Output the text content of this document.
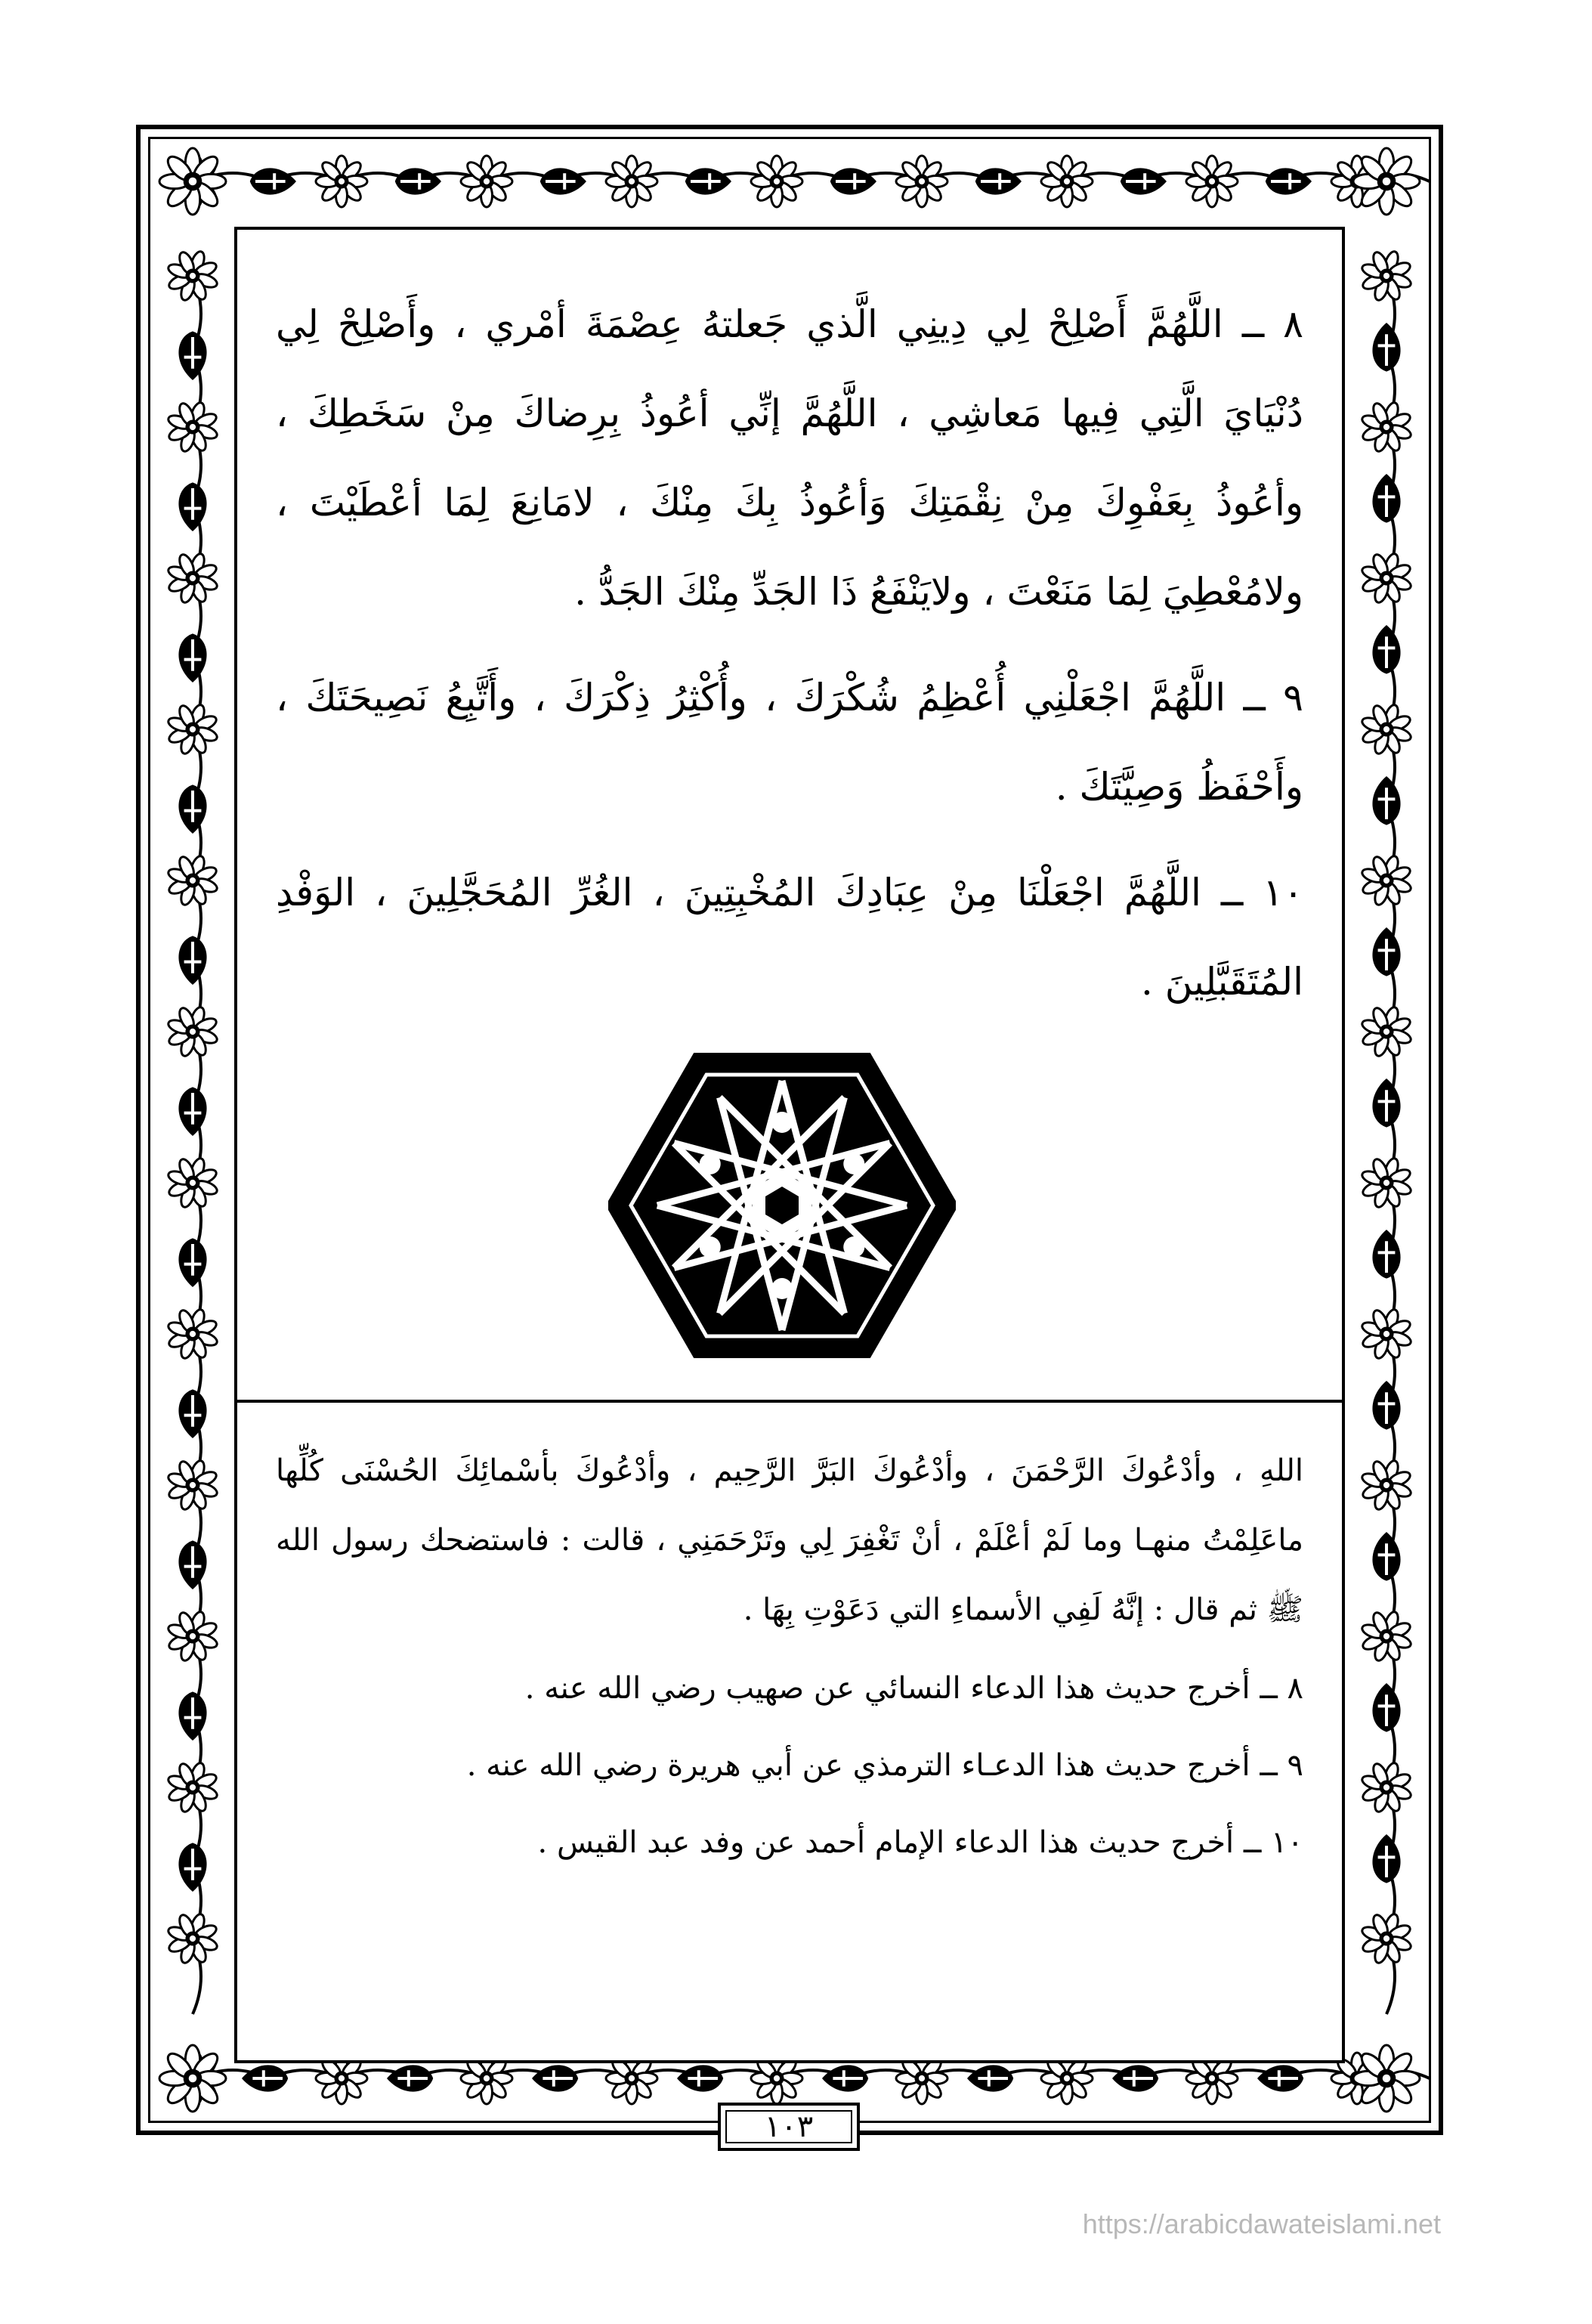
٨ ــ اللَّهُمَّ أَصْلِحْ لِي دِينِي الَّذي جَعلتهُ عِصْمَةَ أمْري ، وأَصْلِحْ لِي دُنْيَايَ الَّتِي فِيها مَعاشِي ، اللَّهُمَّ إنِّي أعُوذُ بِرِضاكَ مِنْ سَخَطِكَ ، وأعُوذُ بِعَفْوِكَ مِنْ نِقْمَتِكَ وَأعُوذُ بِكَ مِنْكَ ، لامَانِعَ لِمَا أعْطَيْتَ ، ولامُعْطِيَ لِمَا مَنَعْتَ ، ولايَنْفَعُ ذَا الجَدِّ مِنْكَ الجَدُّ .

٩ ــ اللَّهُمَّ اجْعَلْنِي أُعْظِمُ شُكْرَكَ ، وأُكْثِرُ ذِكْرَكَ ، وأَتَّبِعُ نَصِيحَتَكَ ، وأَحْفَظُ وَصِيَّتَكَ .

١٠ ــ اللَّهُمَّ اجْعَلْنَا مِنْ عِبَادِكَ المُخْبِتِينَ ، الغُرِّ المُحَجَّلِينَ ، الوَفْدِ المُتَقَبَّلِينَ .

اللهِ ، وأدْعُوكَ الرَّحْمَنَ ، وأدْعُوكَ البَرَّ الرَّحِيم ، وأدْعُوكَ بأسْمائِكَ الحُسْنَى كُلِّها ماعَلِمْتُ منهـا وما لَمْ أعْلَمْ ، أنْ تَغْفِرَ لِي وتَرْحَمَنِي ، قالت : فاستضحك رسول الله ﷺ ثم قال : إنَّهُ لَفِي الأسماءِ التي دَعَوْتِ بِهَا .

٨ ــ أخرج حديث هذا الدعاء النسائي عن صهيب رضي الله عنه .

٩ ــ أخرج حديث هذا الدعـاء الترمذي عن أبي هريرة رضي الله عنه .

١٠ ــ أخرج حديث هذا الدعاء الإمام أحمد عن وفد عبد القيس .

١٠٣
https://arabicdawateislami.net
